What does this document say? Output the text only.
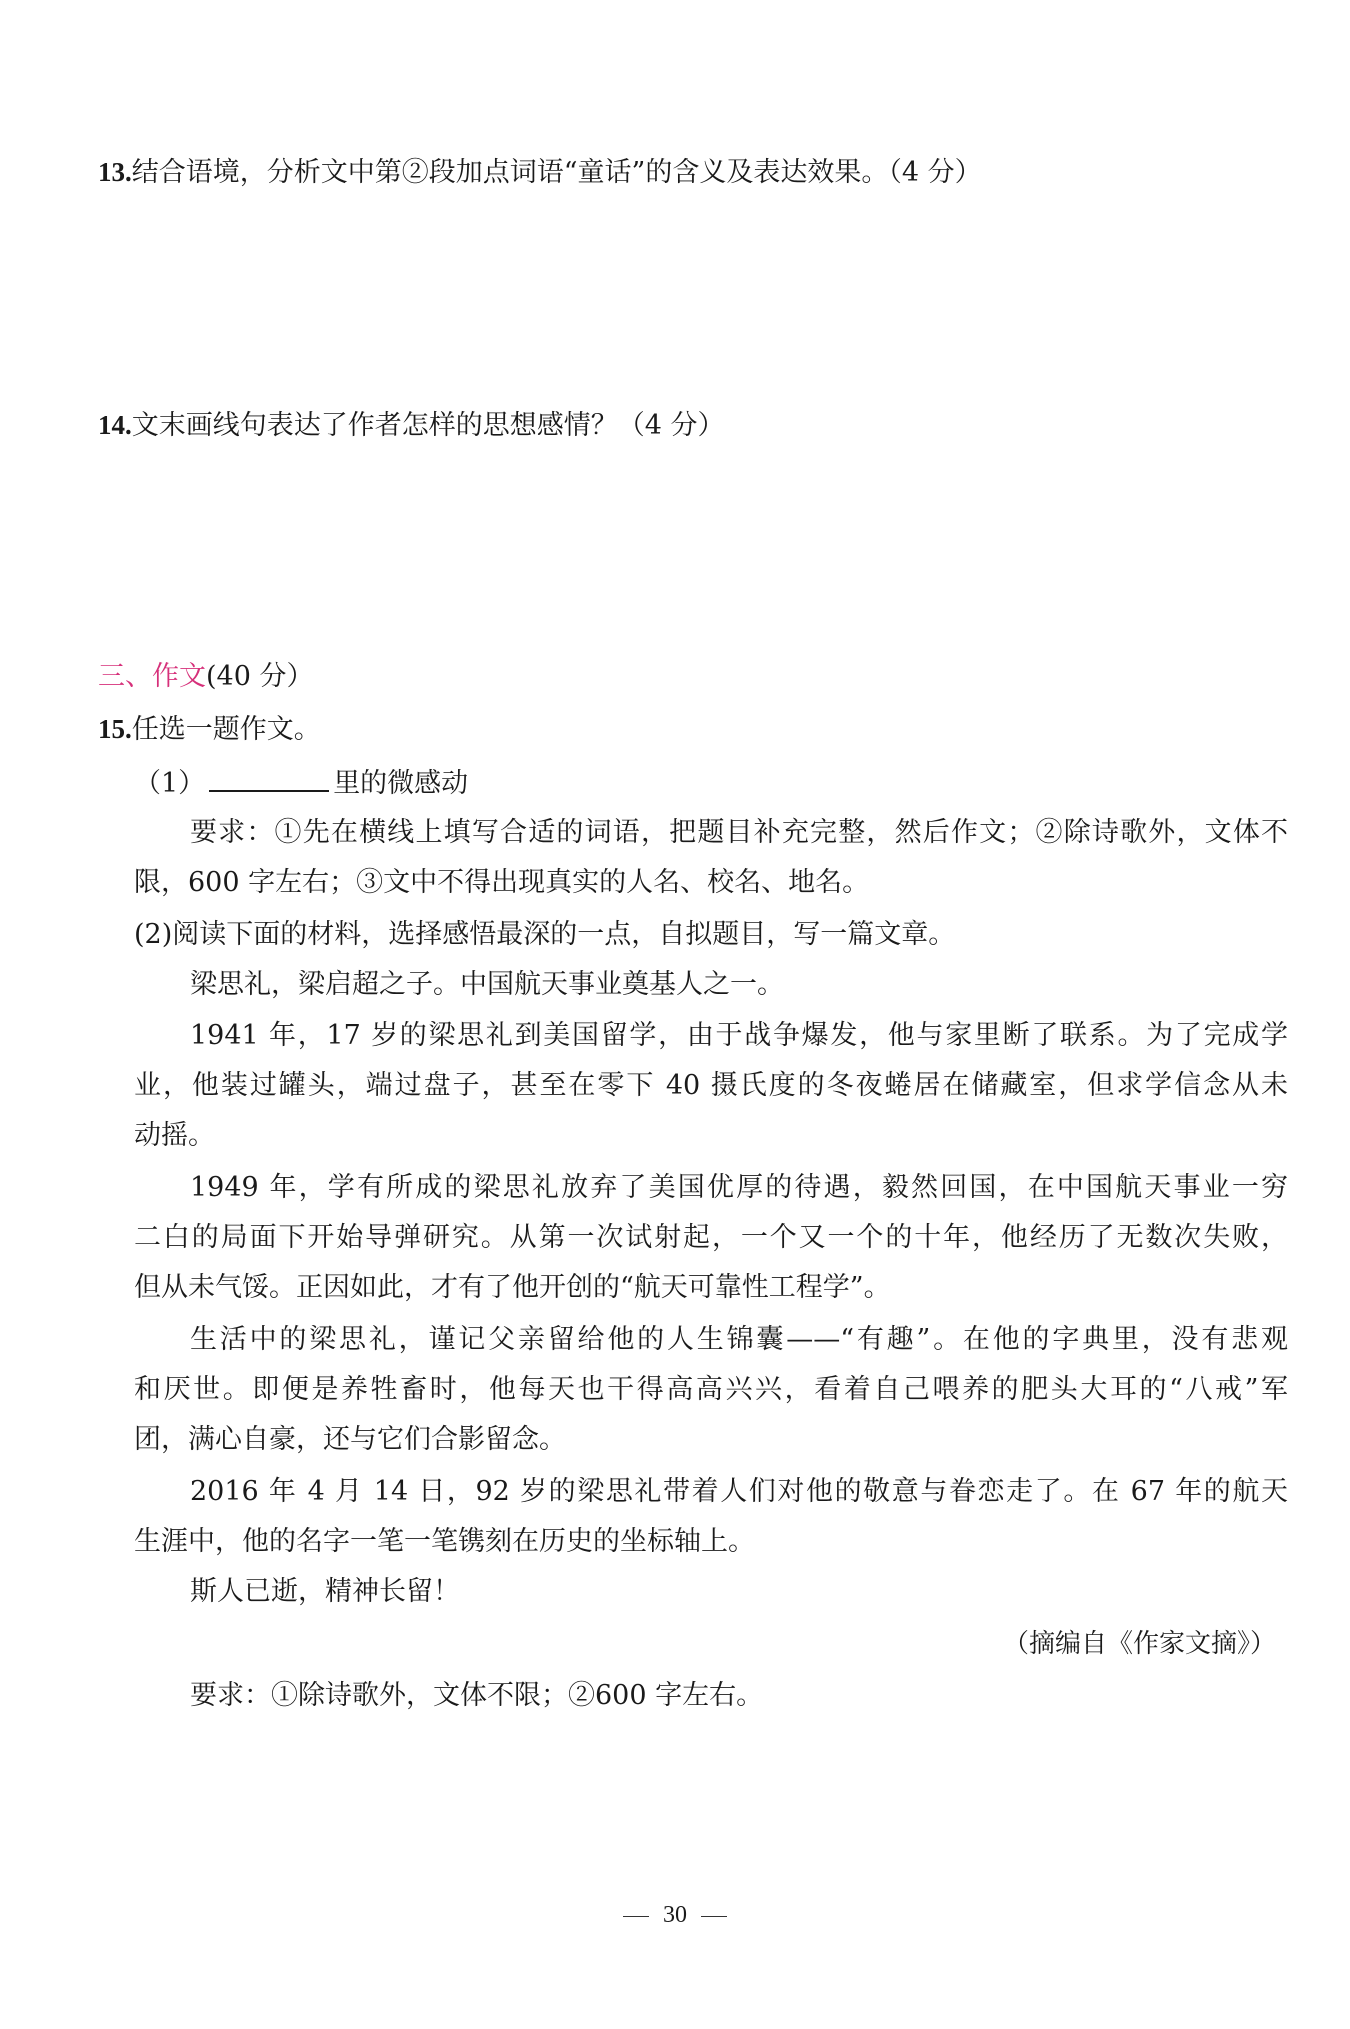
13.结合语境，分析文中第②段加点词语“童话”的含义及表达效果。（4 分）
14.文末画线句表达了作者怎样的思想感情？（4 分）
三、作文(40 分）
15.任选一题作文。
（1）	里的微感动
要求：①先在横线上填写合适的词语，把题目补充完整，然后作文；②除诗歌外，文体不
限，600 字左右；③文中不得出现真实的人名、校名、地名。
(2)阅读下面的材料，选择感悟最深的一点，自拟题目，写一篇文章。
梁思礼，梁启超之子。中国航天事业奠基人之一。
1941 年，17 岁的梁思礼到美国留学，由于战争爆发，他与家里断了联系。为了完成学
业，他装过罐头，端过盘子，甚至在零下 40 摄氏度的冬夜蜷居在储藏室，但求学信念从未
动摇。
1949 年，学有所成的梁思礼放弃了美国优厚的待遇，毅然回国，在中国航天事业一穷
二白的局面下开始导弹研究。从第一次试射起，一个又一个的十年，他经历了无数次失败，
但从未气馁。正因如此，才有了他开创的“航天可靠性工程学”。
生活中的梁思礼，谨记父亲留给他的人生锦囊——“有趣”。在他的字典里，没有悲观
和厌世。即便是养牲畜时，他每天也干得高高兴兴，看着自己喂养的肥头大耳的“八戒”军
团，满心自豪，还与它们合影留念。
2016 年 4 月 14 日，92 岁的梁思礼带着人们对他的敬意与眷恋走了。在 67 年的航天
生涯中，他的名字一笔一笔镌刻在历史的坐标轴上。
斯人已逝，精神长留！
（摘编自《作家文摘》）
要求：①除诗歌外，文体不限；②600 字左右。
30
